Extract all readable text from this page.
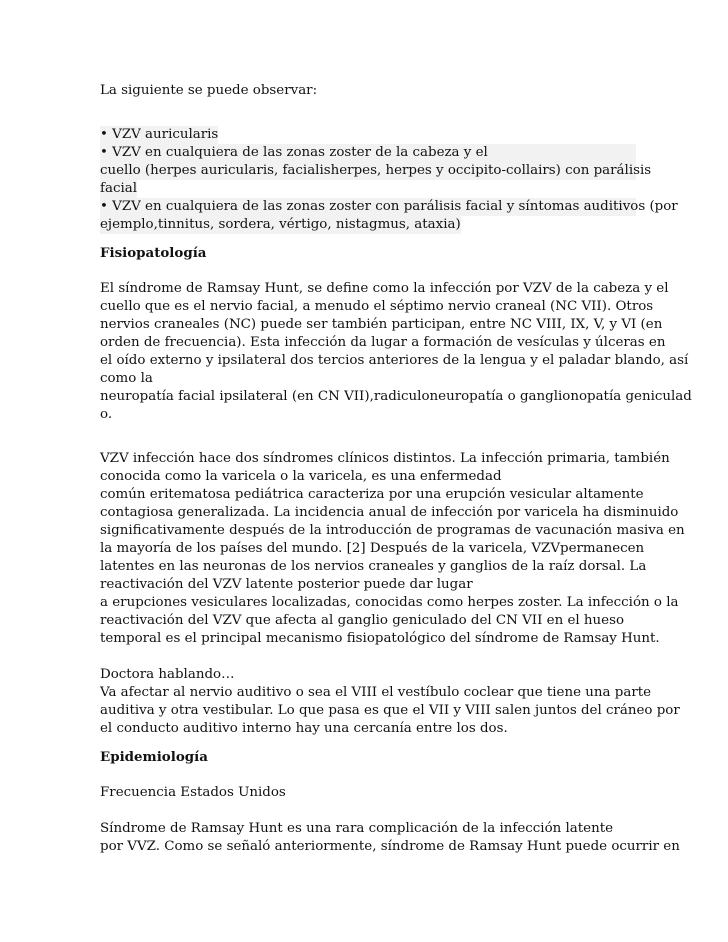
La siguiente se puede observar:
• VZV auricularis
• VZV en cualquiera de las zonas zoster de la cabeza y el
cuello (herpes auricularis, facialisherpes, herpes y occipito-collairs) con parálisis
facial
• VZV en cualquiera de las zonas zoster con parálisis facial y síntomas auditivos (por
ejemplo,tinnitus, sordera, vértigo, nistagmus, ataxia)
Fisiopatología
El síndrome de Ramsay Hunt, se define como la infección por VZV de la cabeza y el
cuello que es el nervio facial, a menudo el séptimo nervio craneal (NC VII). Otros
nervios craneales (NC) puede ser también participan, entre NC VIII, IX, V, y VI (en
orden de frecuencia). Esta infección da lugar a formación de vesículas y úlceras en
el oído externo y ipsilateral dos tercios anteriores de la lengua y el paladar blando, así
como la
neuropatía facial ipsilateral (en CN VII),radiculoneuropatía o ganglionopatía geniculad
o.
VZV infección hace dos síndromes clínicos distintos. La infección primaria, también
conocida como la varicela o la varicela, es una enfermedad
común eritematosa pediátrica caracteriza por una erupción vesicular altamente
contagiosa generalizada. La incidencia anual de infección por varicela ha disminuido
significativamente después de la introducción de programas de vacunación masiva en
la mayoría de los países del mundo. [2] Después de la varicela, VZVpermanecen
latentes en las neuronas de los nervios craneales y ganglios de la raíz dorsal. La
reactivación del VZV latente posterior puede dar lugar
a erupciones vesiculares localizadas, conocidas como herpes zoster. La infección o la
reactivación del VZV que afecta al ganglio geniculado del CN VII en el hueso
temporal es el principal mecanismo fisiopatológico del síndrome de Ramsay Hunt.
Doctora hablando…
Va afectar al nervio auditivo o sea el VIII el vestíbulo coclear que tiene una parte
auditiva y otra vestibular. Lo que pasa es que el VII y VIII salen juntos del cráneo por
el conducto auditivo interno hay una cercanía entre los dos.
Epidemiología
Frecuencia Estados Unidos
Síndrome de Ramsay Hunt es una rara complicación de la infección latente
por VVZ. Como se señaló anteriormente, síndrome de Ramsay Hunt puede ocurrir en
